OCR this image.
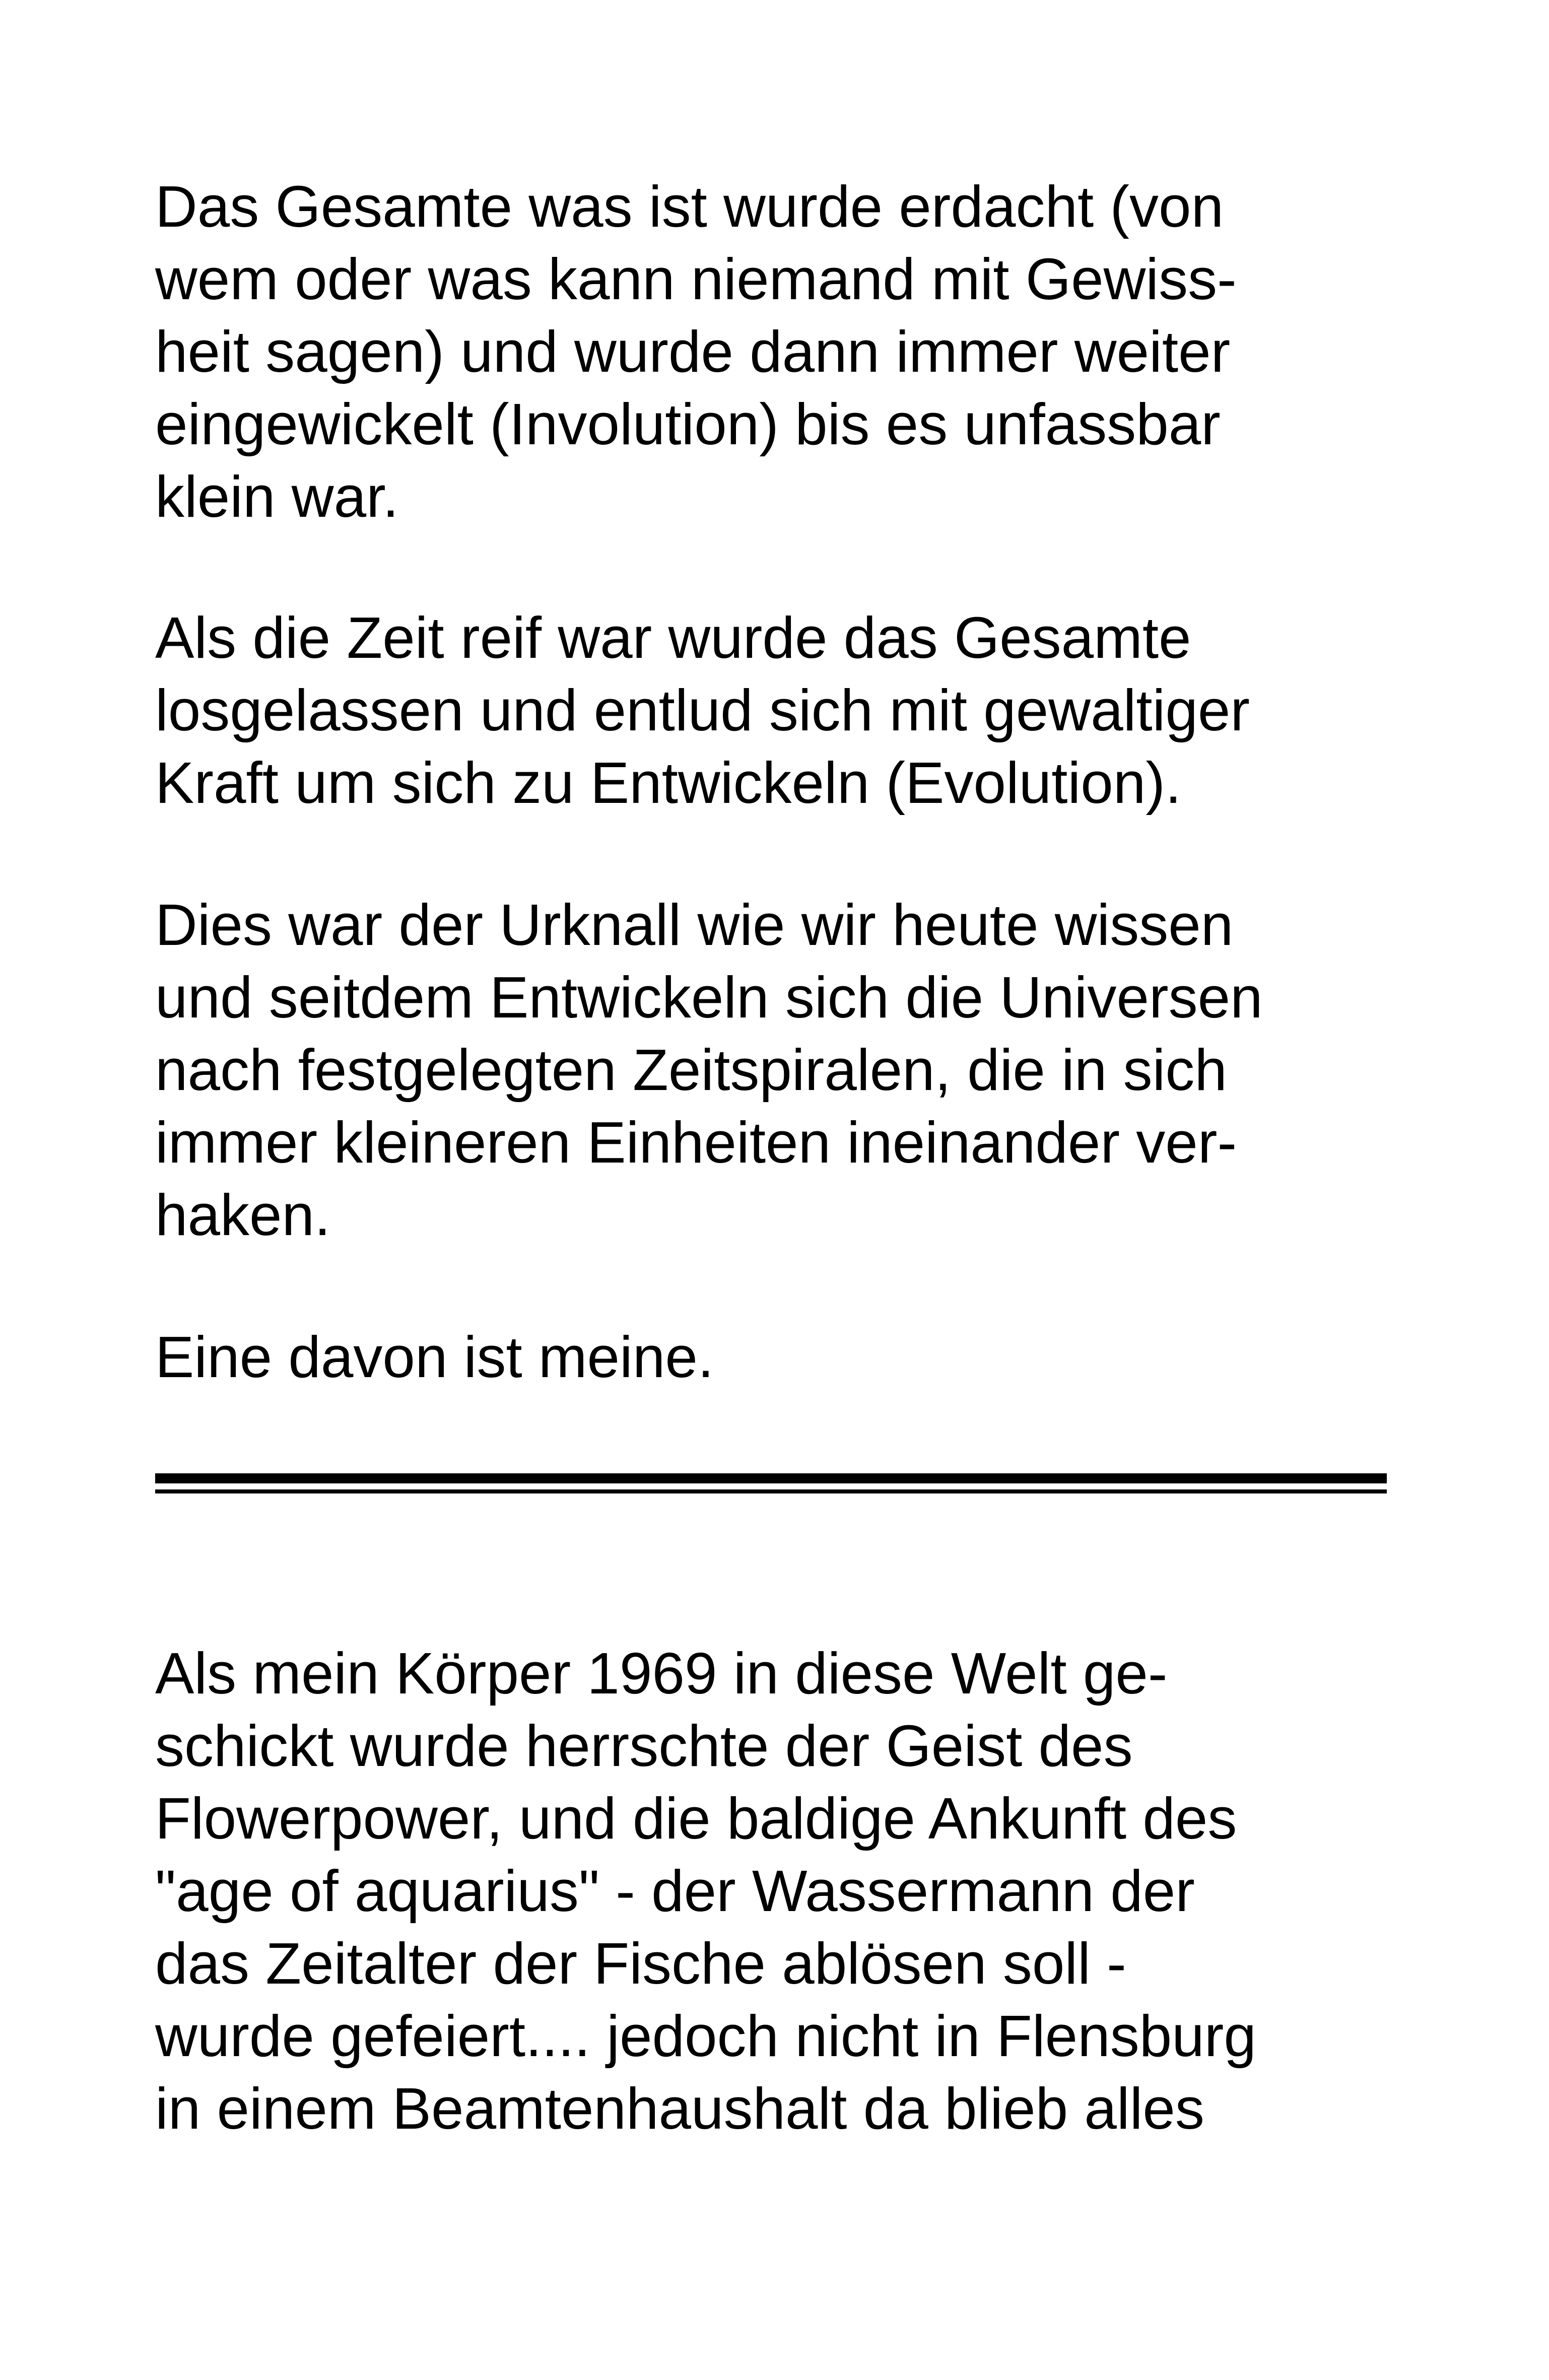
Das Gesamte was ist wurde erdacht (von
wem oder was kann niemand mit Gewiss-
heit sagen) und wurde dann immer weiter
eingewickelt (Involution) bis es unfassbar
klein war.
Als die Zeit reif war wurde das Gesamte
losgelassen und entlud sich mit gewaltiger
Kraft um sich zu Entwickeln (Evolution).
Dies war der Urknall wie wir heute wissen
und seitdem Entwickeln sich die Universen
nach festgelegten Zeitspiralen, die in sich
immer kleineren Einheiten ineinander ver-
haken.
Eine davon ist meine.
Als mein Körper 1969 in diese Welt ge-
schickt wurde herrschte der Geist des
Flowerpower, und die baldige Ankunft des
"age of aquarius" - der Wassermann der
das Zeitalter der Fische ablösen soll -
wurde gefeiert.... jedoch nicht in Flensburg
in einem Beamtenhaushalt da blieb alles
